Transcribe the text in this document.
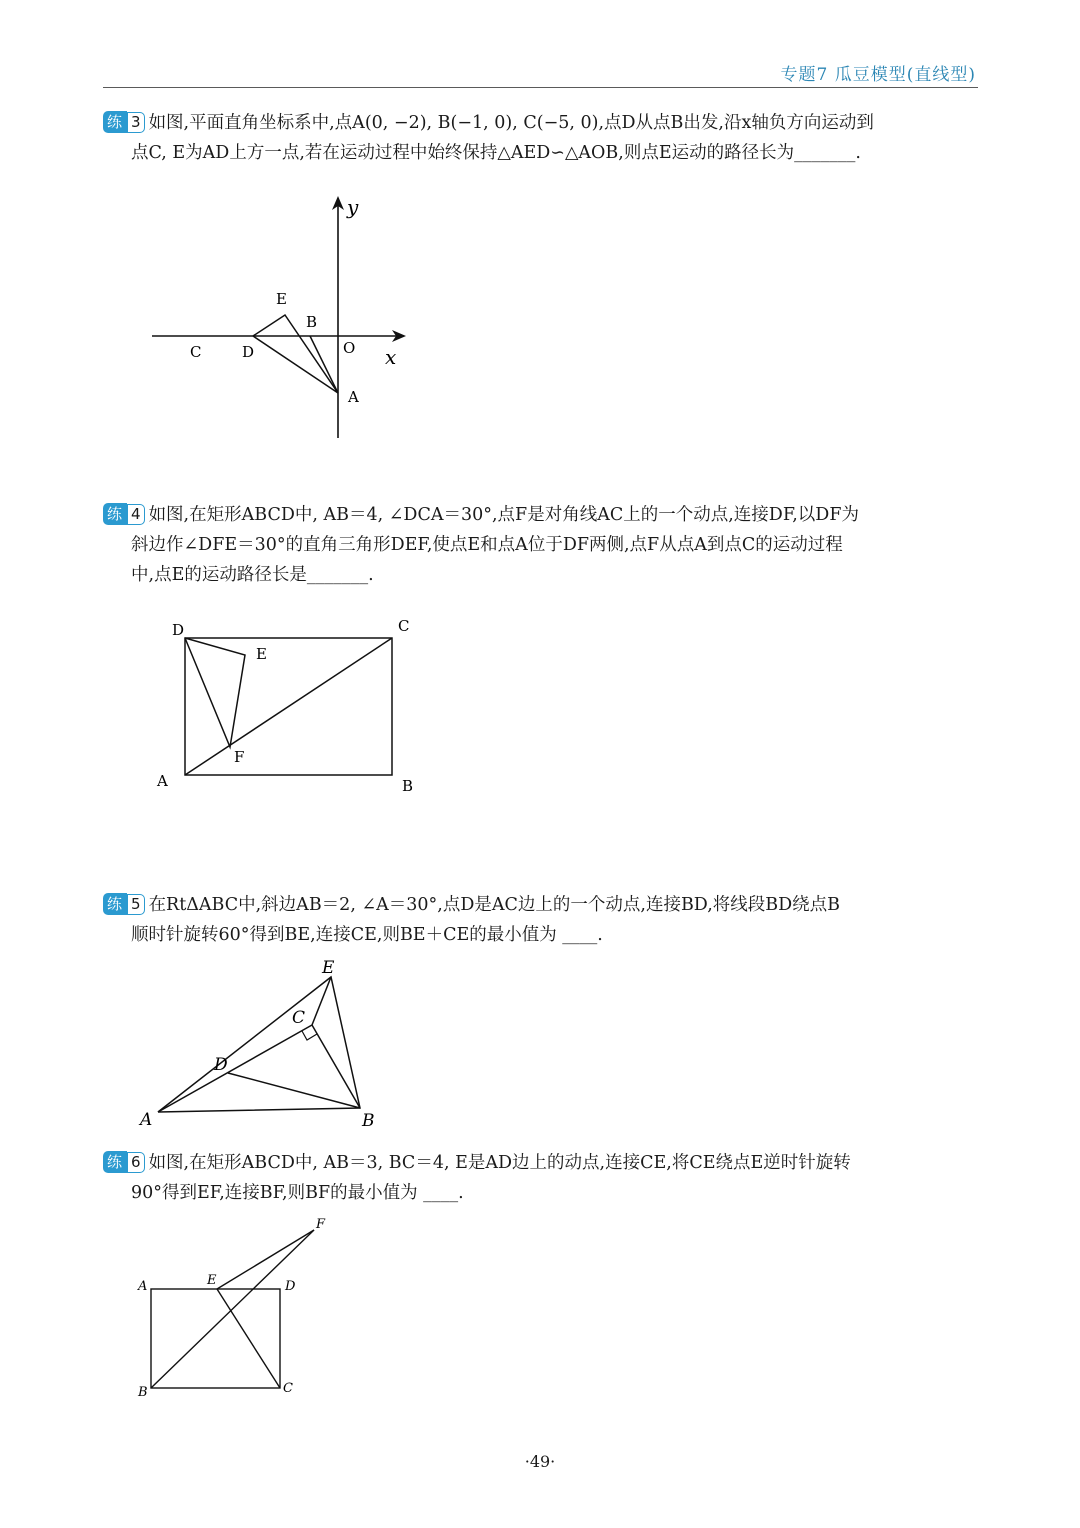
专题7 瓜豆模型(直线型)
练 3 如图,平面直角坐标系中,点A(0, −2), B(−1, 0), C(−5, 0),点D从点B出发,沿x轴负方向运动到
点C, E为AD上方一点,若在运动过程中始终保持△AED∽△AOB,则点E运动的路径长为_______.
y
x
E
B
C	D	O
A
练 4 如图,在矩形ABCD中, AB＝4, ∠DCA＝30°,点F是对角线AC上的一个动点,连接DF,以DF为
斜边作∠DFE＝30°的直角三角形DEF,使点E和点A位于DF两侧,点F从点A到点C的运动过程
中,点E的运动路径长是_______.
D	C
E
F
A	B
练 5 在RtΔABC中,斜边AB＝2, ∠A＝30°,点D是AC边上的一个动点,连接BD,将线段BD绕点B
顺时针旋转60°得到BE,连接CE,则BE＋CE的最小值为 ____.
E
C
D
A	B
练 6 如图,在矩形ABCD中, AB＝3, BC＝4, E是AD边上的动点,连接CE,将CE绕点E逆时针旋转
90°得到EF,连接BF,则BF的最小值为 ____.
F
A	E	D
B	C
·49·
